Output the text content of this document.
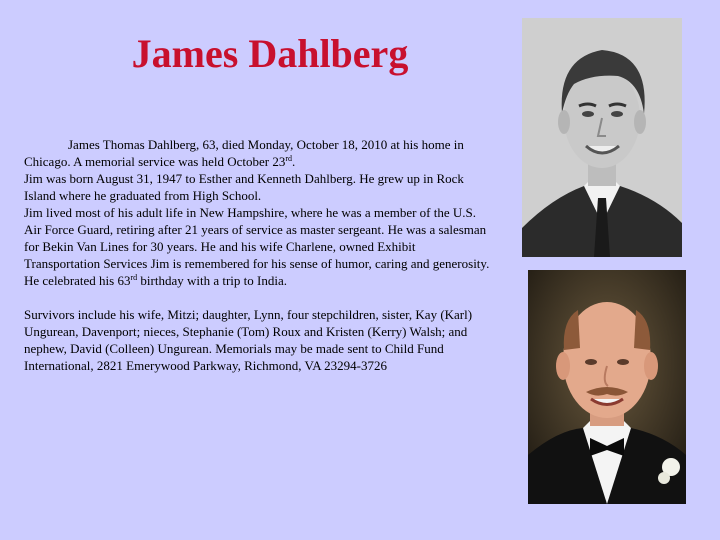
James Dahlberg

James Thomas Dahlberg, 63, died Monday, October 18, 2010 at his home in Chicago. A memorial service was held October 23rd.

Jim was born August 31, 1947 to Esther and Kenneth Dahlberg. He grew up in Rock Island where he graduated from High School.

Jim lived most of his adult life in New Hampshire, where he was a member of the U.S. Air Force Guard, retiring after 21 years of service as master sergeant. He was a salesman for Bekin Van Lines for 30 years. He and his wife Charlene, owned Exhibit Transportation Services Jim is remembered for his sense of humor, caring and generosity. He celebrated his 63rd birthday with a trip to India.

Survivors include his wife, Mitzi; daughter, Lynn, four stepchildren, sister, Kay (Karl) Ungurean, Davenport; nieces, Stephanie (Tom) Roux and Kristen (Kerry) Walsh; and nephew, David (Colleen) Ungurean. Memorials may be made sent to Child Fund International, 2821 Emerywood Parkway, Richmond, VA 23294-3726
